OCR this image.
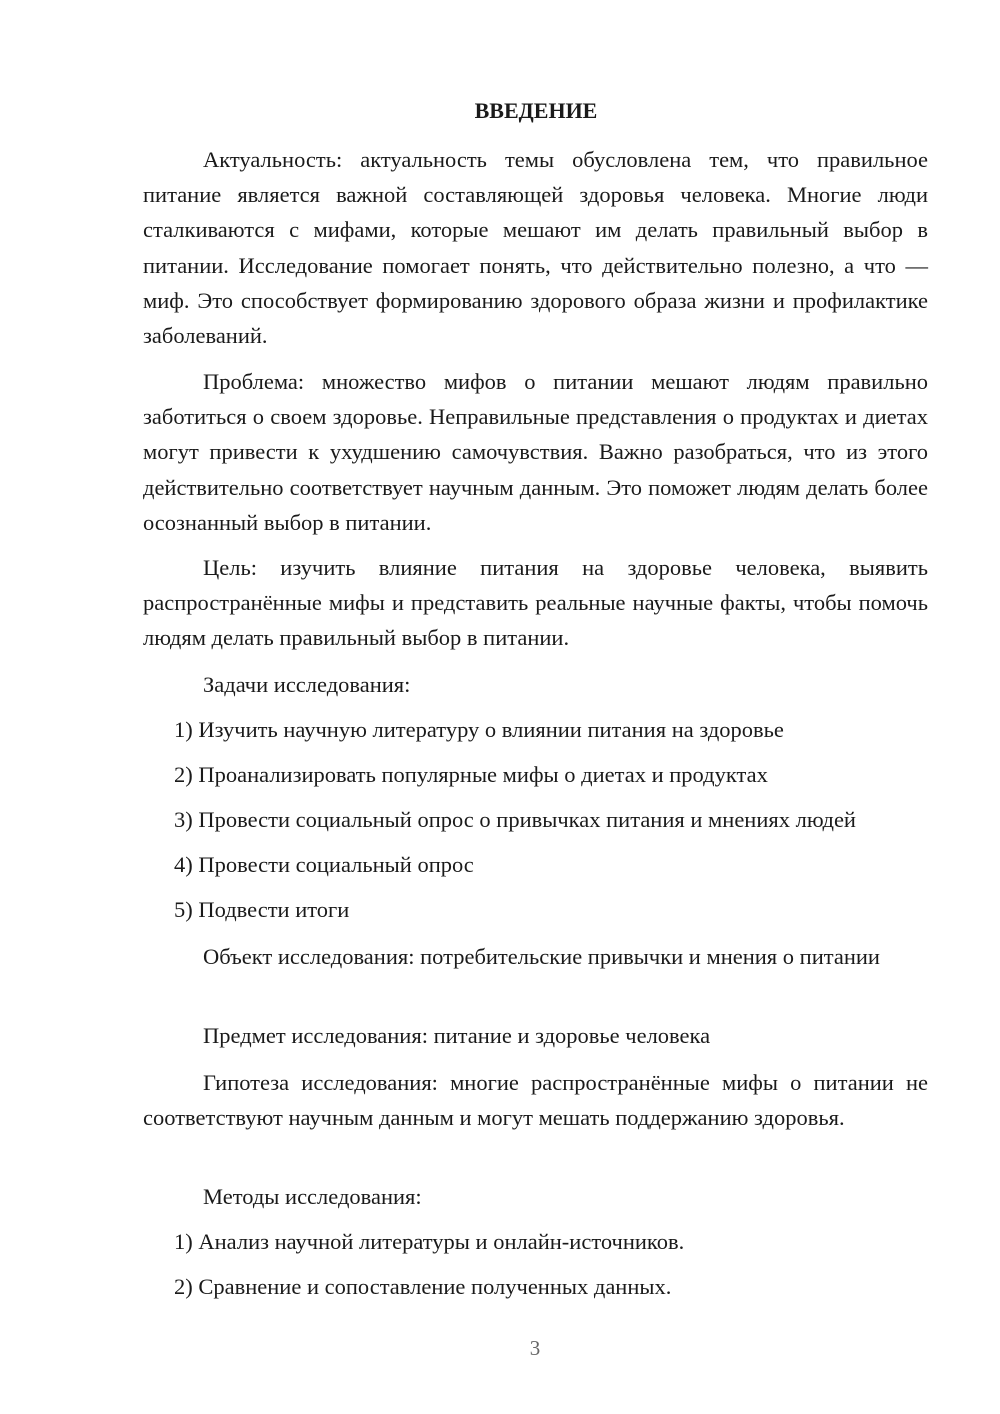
ВВЕДЕНИЕ
Актуальность: актуальность темы обусловлена тем, что правильное питание является важной составляющей здоровья человека. Многие люди сталкиваются с мифами, которые мешают им делать правильный выбор в питании. Исследование помогает понять, что действительно полезно, а что — миф. Это способствует формированию здорового образа жизни и профилактике заболеваний.
Проблема: множество мифов о питании мешают людям правильно заботиться о своем здоровье. Неправильные представления о продуктах и диетах могут привести к ухудшению самочувствия. Важно разобраться, что из этого действительно соответствует научным данным. Это поможет людям делать более осознанный выбор в питании.
Цель: изучить влияние питания на здоровье человека, выявить распространённые мифы и представить реальные научные факты, чтобы помочь людям делать правильный выбор в питании.
Задачи исследования:
1) Изучить научную литературу о влиянии питания на здоровье
2) Проанализировать популярные мифы о диетах и продуктах
3) Провести социальный опрос о привычках питания и мнениях людей
4) Провести социальный опрос
5) Подвести итоги
Объект исследования: потребительские привычки и мнения о питании
Предмет исследования: питание и здоровье человека
Гипотеза исследования: многие распространённые мифы о питании не соответствуют научным данным и могут мешать поддержанию здоровья.
Методы исследования:
1) Анализ научной литературы и онлайн-источников.
2) Сравнение и сопоставление полученных данных.
3
